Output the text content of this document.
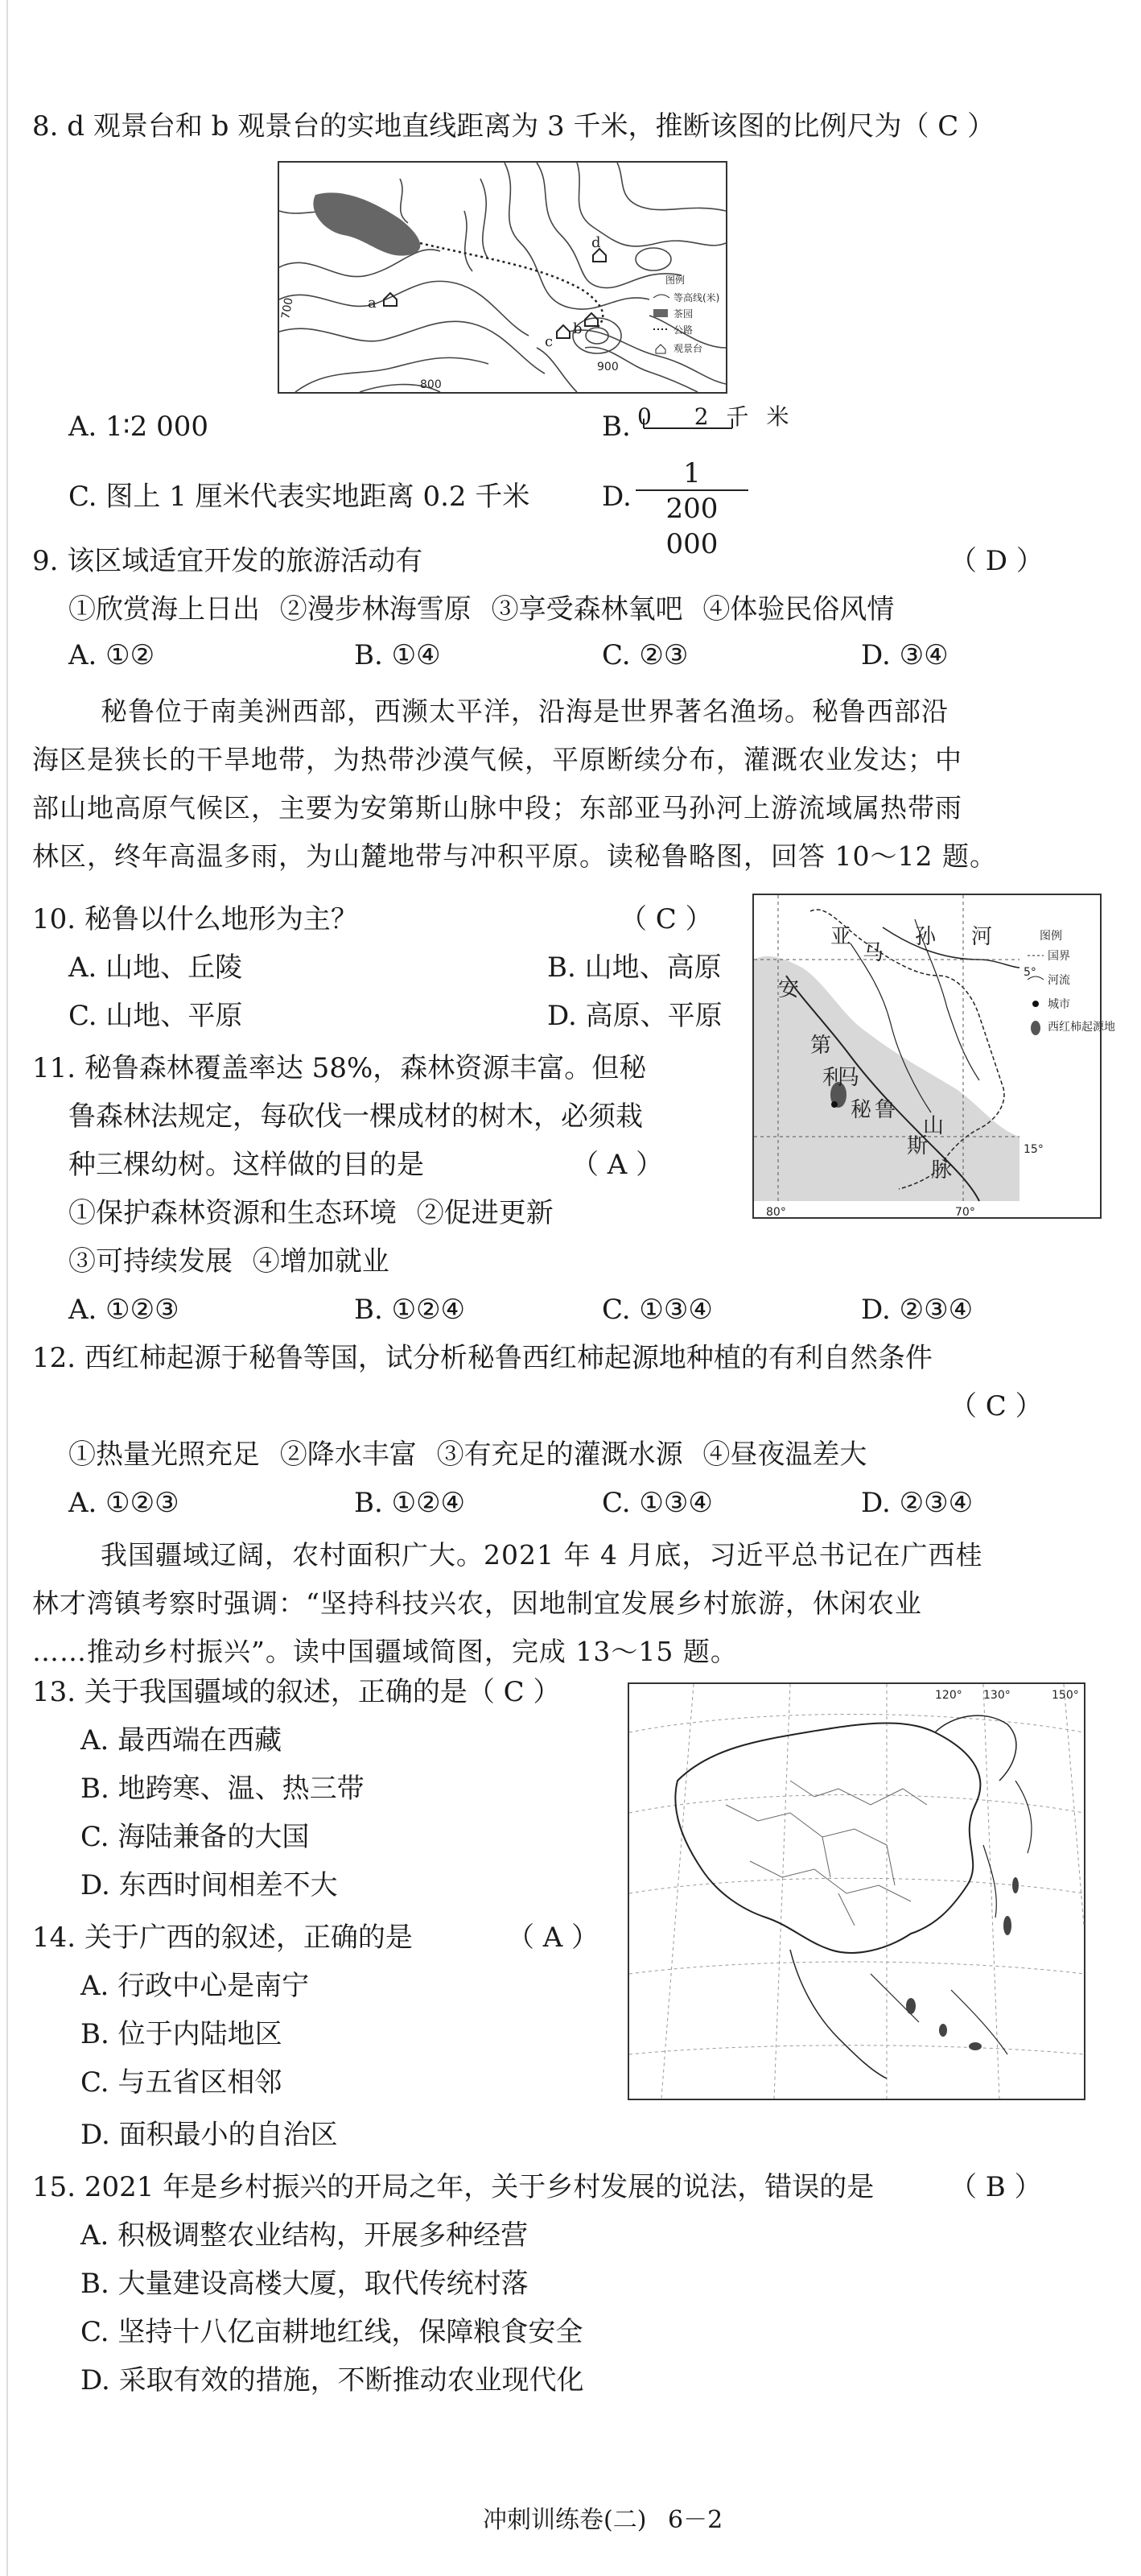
8. d 观景台和 b 观景台的实地直线距离为 3 千米，推断该图的比例尺为（ C ）
a
b
c
d
700
800
900
图例
等高线(米)
茶园
公路
观景台
A. 1∶2 000	B. 0 2千米
C. 图上 1 厘米代表实地距离 0.2 千米	D. $\frac{1}{200 000}$
9. 该区域适宜开发的旅游活动有	（ D ）
①欣赏海上日出 ②漫步林海雪原 ③享受森林氧吧 ④体验民俗风情
A. ①②	B. ①④	C. ②③	D. ③④
秘鲁位于南美洲西部，西濒太平洋，沿海是世界著名渔场。秘鲁西部沿
海区是狭长的干旱地带，为热带沙漠气候，平原断续分布，灌溉农业发达；中
部山地高原气候区，主要为安第斯山脉中段；东部亚马孙河上游流域属热带雨
林区，终年高温多雨，为山麓地带与冲积平原。读秘鲁略图，回答 10～12 题。
亚
马
孙 河
安
第
斯
山
脉
利
马
秘 鲁
5°
15°
80°	70°
图例
国界
河流
城市
西红柿起源地
10. 秘鲁以什么地形为主？	（ C ）
A. 山地、丘陵	B. 山地、高原
C. 山地、平原	D. 高原、平原
11. 秘鲁森林覆盖率达 58%，森林资源丰富。但秘
鲁森林法规定，每砍伐一棵成材的树木，必须栽
种三棵幼树。这样做的目的是	（ A ）
①保护森林资源和生态环境 ②促进更新
③可持续发展 ④增加就业
A. ①②③	B. ①②④	C. ①③④	D. ②③④
12. 西红柿起源于秘鲁等国，试分析秘鲁西红柿起源地种植的有利自然条件
（ C ）
①热量光照充足 ②降水丰富 ③有充足的灌溉水源 ④昼夜温差大
A. ①②③	B. ①②④	C. ①③④	D. ②③④
我国疆域辽阔，农村面积广大。2021 年 4 月底，习近平总书记在广西桂
林才湾镇考察时强调：“坚持科技兴农，因地制宜发展乡村旅游，休闲农业
……推动乡村振兴”。读中国疆域简图，完成 13～15 题。
120° 130°	150°
13. 关于我国疆域的叙述，正确的是（ C ）
A. 最西端在西藏
B. 地跨寒、温、热三带
C. 海陆兼备的大国
D. 东西时间相差不大
14. 关于广西的叙述，正确的是	（ A ）
A. 行政中心是南宁
B. 位于内陆地区
C. 与五省区相邻
D. 面积最小的自治区
15. 2021 年是乡村振兴的开局之年，关于乡村发展的说法，错误的是	（ B ）
A. 积极调整农业结构，开展多种经营
B. 大量建设高楼大厦，取代传统村落
C. 坚持十八亿亩耕地红线，保障粮食安全
D. 采取有效的措施，不断推动农业现代化
冲刺训练卷(二) 6－2
